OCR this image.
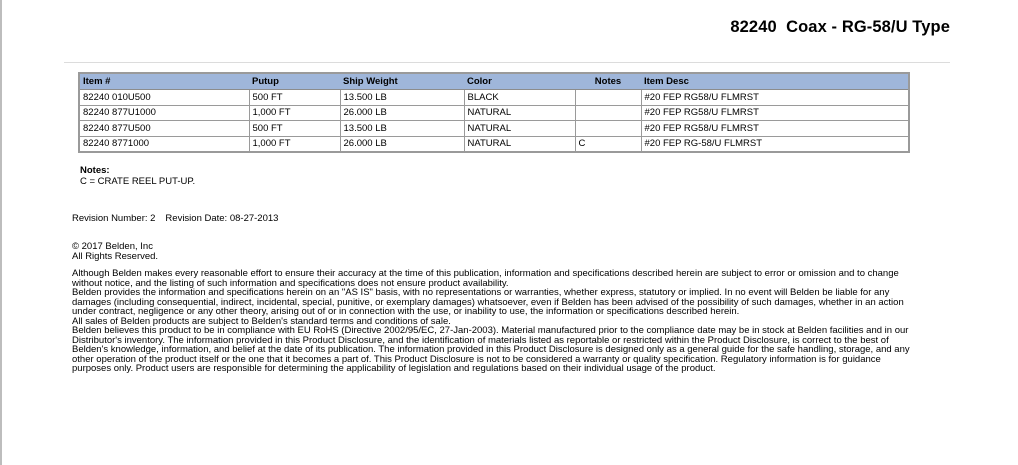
82240  Coax - RG-58/U Type
Item #	Putup	Ship Weight	Color	Notes	Item Desc
82240 010U500	500 FT	13.500 LB	BLACK		#20 FEP RG58/U FLMRST
82240 877U1000	1,000 FT	26.000 LB	NATURAL		#20 FEP RG58/U FLMRST
82240 877U500	500 FT	13.500 LB	NATURAL		#20 FEP RG58/U FLMRST
82240 8771000	1,000 FT	26.000 LB	NATURAL	C	#20 FEP RG-58/U FLMRST
Notes:
C = CRATE REEL PUT-UP.
Revision Number: 2 Revision Date: 08-27-2013
© 2017 Belden, Inc
All Rights Reserved.

Although Belden makes every reasonable effort to ensure their accuracy at the time of this publication, information and specifications described herein are subject to error or omission and to change without notice, and the listing of such information and specifications does not ensure product availability.

Belden provides the information and specifications herein on an "AS IS" basis, with no representations or warranties, whether express, statutory or implied. In no event will Belden be liable for any damages (including consequential, indirect, incidental, special, punitive, or exemplary damages) whatsoever, even if Belden has been advised of the possibility of such damages, whether in an action under contract, negligence or any other theory, arising out of or in connection with the use, or inability to use, the information or specifications described herein.

All sales of Belden products are subject to Belden's standard terms and conditions of sale.

Belden believes this product to be in compliance with EU RoHS (Directive 2002/95/EC, 27-Jan-2003). Material manufactured prior to the compliance date may be in stock at Belden facilities and in our Distributor's inventory. The information provided in this Product Disclosure, and the identification of materials listed as reportable or restricted within the Product Disclosure, is correct to the best of Belden's knowledge, information, and belief at the date of its publication. The information provided in this Product Disclosure is designed only as a general guide for the safe handling, storage, and any other operation of the product itself or the one that it becomes a part of. This Product Disclosure is not to be considered a warranty or quality specification. Regulatory information is for guidance purposes only. Product users are responsible for determining the applicability of legislation and regulations based on their individual usage of the product.
